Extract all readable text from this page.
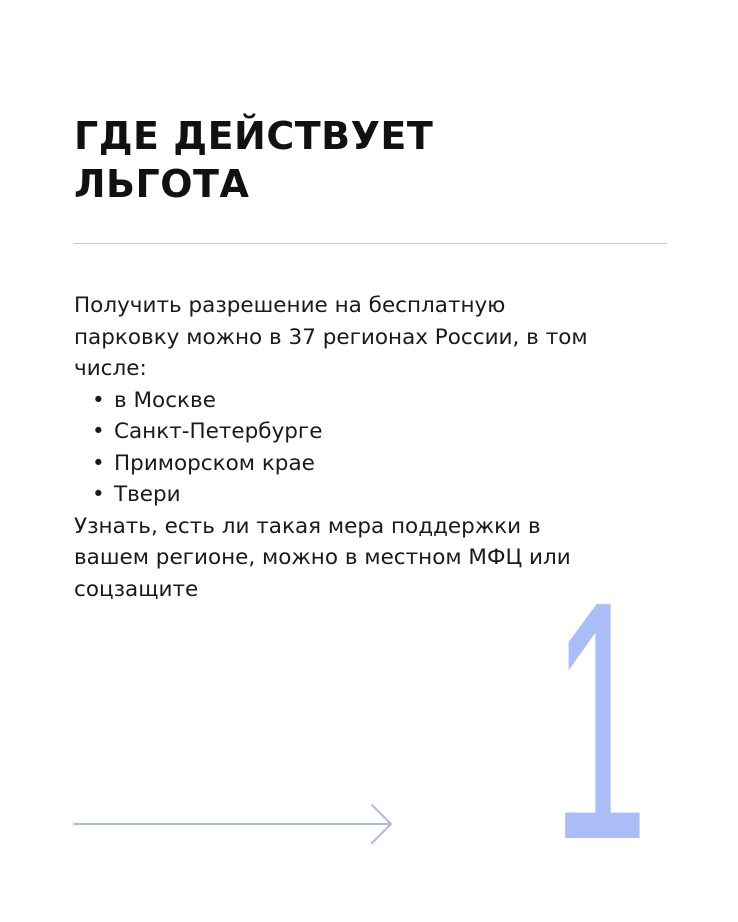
ГДЕ ДЕЙСТВУЕТ
ЛЬГОТА

Получить разрешение на бесплатную парковку можно в 37 регионах России, в том числе:

• в Москве
• Санкт-Петербурге
• Приморском крае
• Твери

Узнать, есть ли такая мера поддержки в вашем регионе, можно в местном МФЦ или соцзащите	1
